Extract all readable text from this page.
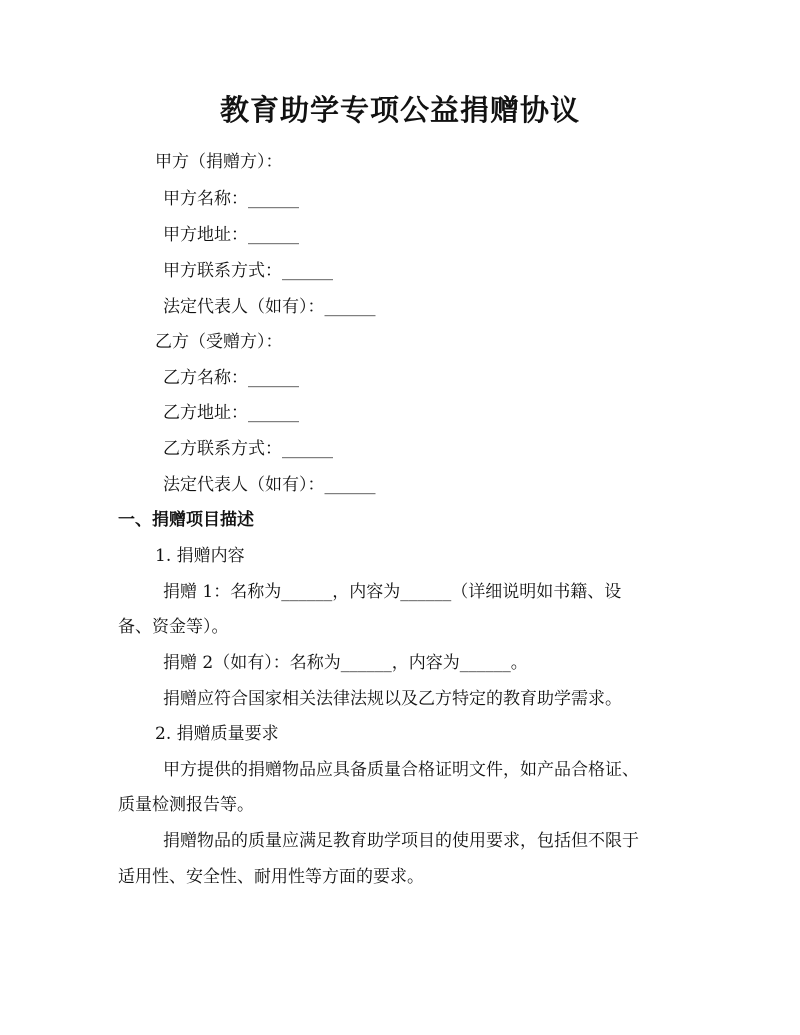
教育助学专项公益捐赠协议
甲方（捐赠方）：
甲方名称：______
甲方地址：______
甲方联系方式：______
法定代表人（如有）：______
乙方（受赠方）：
乙方名称：______
乙方地址：______
乙方联系方式：______
法定代表人（如有）：______
一、捐赠项目描述
1. 捐赠内容
捐赠 1：名称为______，内容为______（详细说明如书籍、设
备、资金等）。
捐赠 2（如有）：名称为______，内容为______。
捐赠应符合国家相关法律法规以及乙方特定的教育助学需求。
2. 捐赠质量要求
甲方提供的捐赠物品应具备质量合格证明文件，如产品合格证、
质量检测报告等。
捐赠物品的质量应满足教育助学项目的使用要求，包括但不限于
适用性、安全性、耐用性等方面的要求。
